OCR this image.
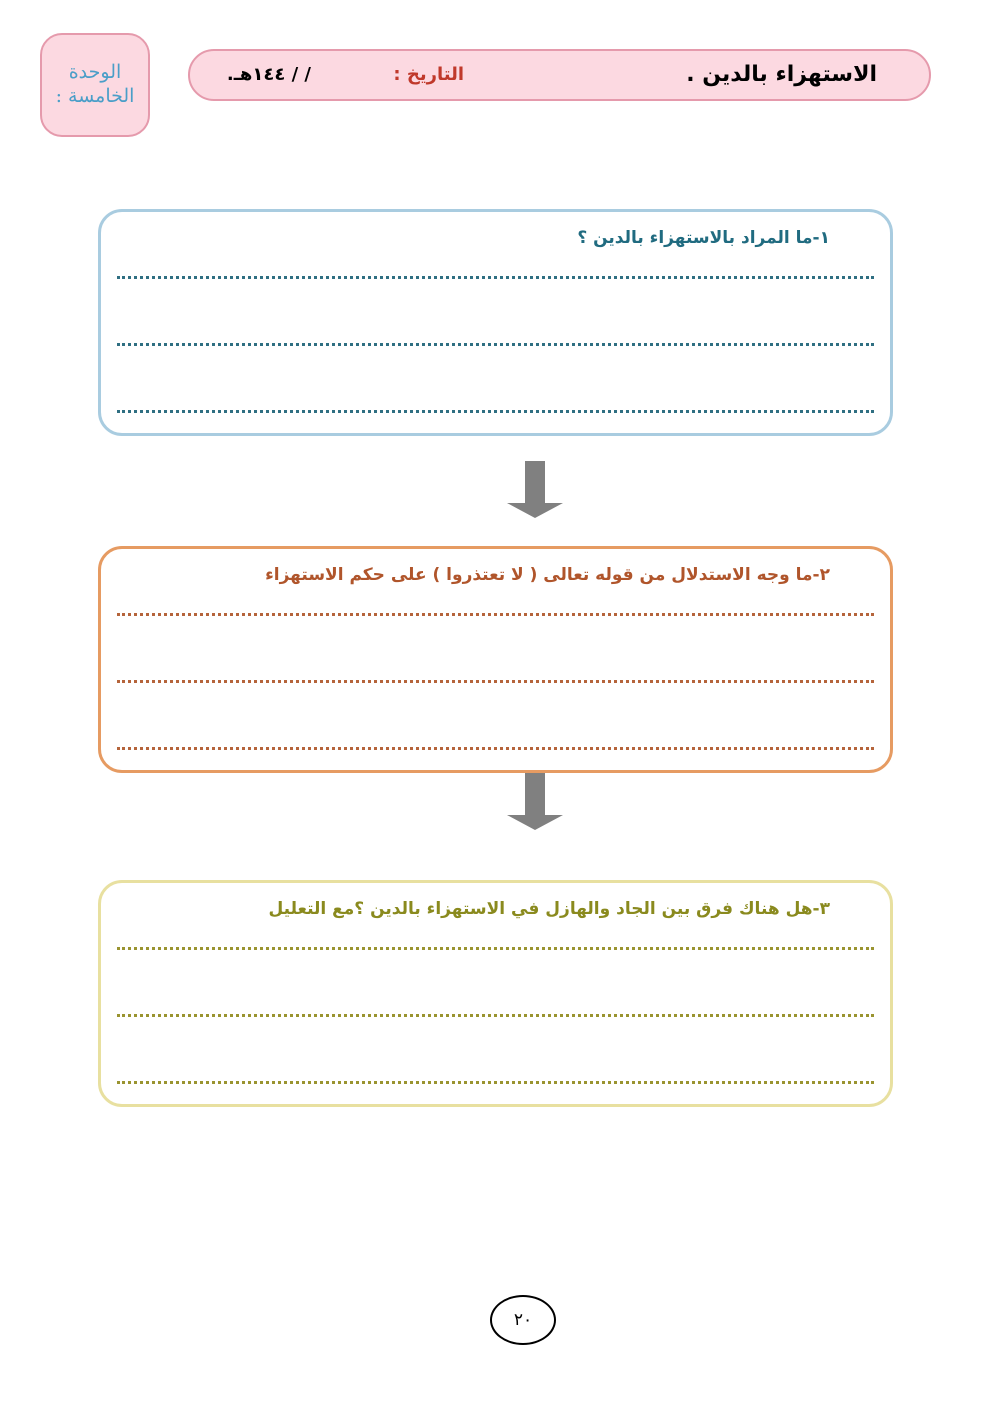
الوحدة
الخامسة :
الاستهزاء بالدين .
التاريخ :
/ / ١٤٤هـ.
١-ما المراد بالاستهزاء بالدين ؟
٢-ما وجه الاستدلال من قوله تعالى ( لا تعتذروا ) على حكم الاستهزاء
٣-هل هناك فرق بين الجاد والهازل في الاستهزاء بالدين ؟مع التعليل
٢٠
